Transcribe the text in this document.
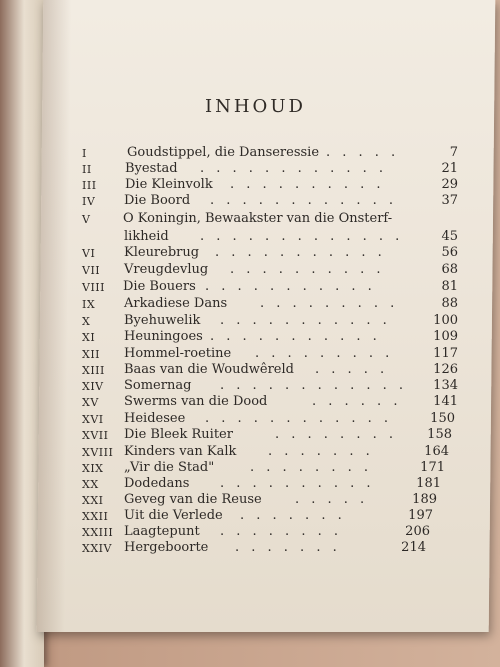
INHOUD
I	Goudstippel, die Danseressie . . . . .	7
II	Byestad . . . . . . . . . . . .	21
III Die Kleinvolk . . . . . . . . . .	29
IV Die Boord . . . . . . . . . . . .	37
V	O Koningin, Bewaakster van die Onsterf-
likheid . . . . . . . . . . . . .	45
VI Kleurebrug . . . . . . . . . . .	56
VII Vreugdevlug . . . . . . . . . .	68
VIII Die Bouers . . . . . . . . . . .	81
IX Arkadiese Dans	. . . . . . . . .	88
X	Byehuwelik . . . . . . . . . . .	100
XI Heuningoes . . . . . . . . . . .	109
XII Hommel-roetine . . . . . . . . .	117
XIII Baas van die Woudwêreld . . . . .	126
XIV Somernag . . . . . . . . . . . .	134
XV Swerms van die Dood	. . . . . .	141
XVI Heidesee . . . . . . . . . . . .	150
XVII Die Bleek Ruiter	. . . . . . . .	158
XVIII Kinders van Kalk . . . . . . .	164
XIX „Vir die Stad"	. . . . . . . .	171
XX Dodedans . . . . . . . . . .	181
XXI Geveg van die Reuse	. . . . .	189
XXII Uit die Verlede . . . . . . .	197
XXIII Laagtepunt . . . . . . . .	206
XXIV Hergeboorte . . . . . . .	214
